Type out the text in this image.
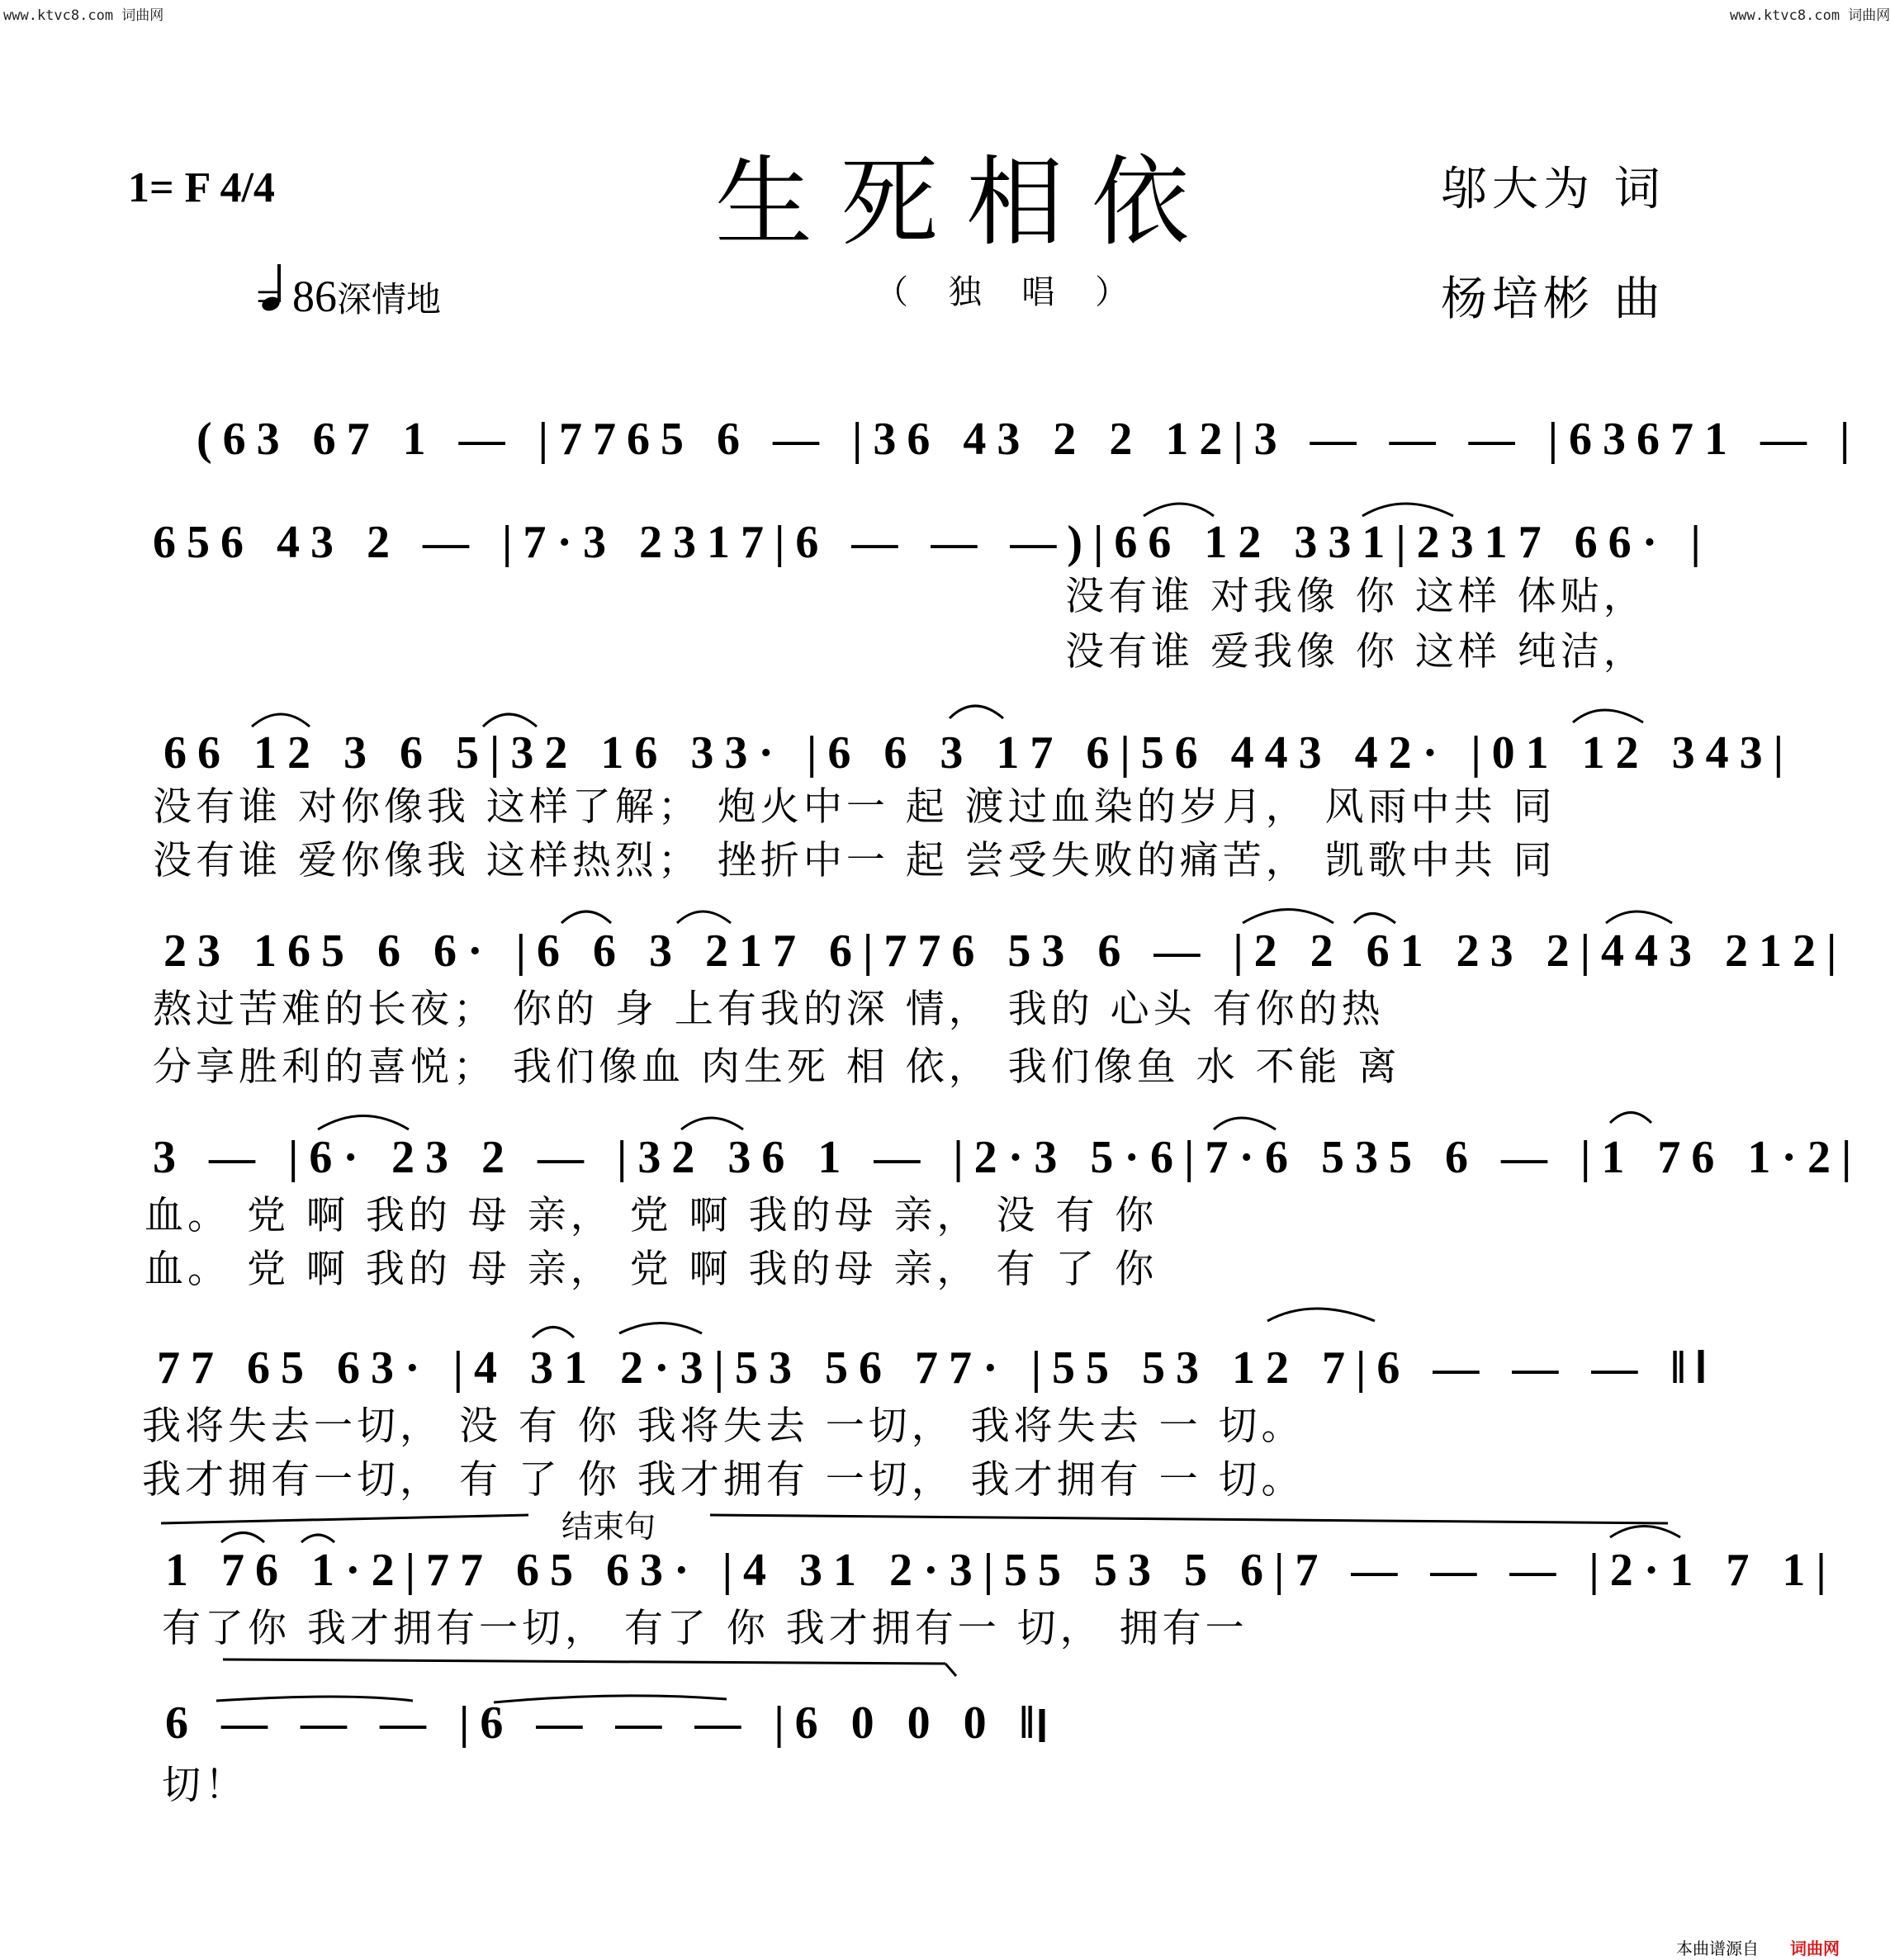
www.ktvc8.com 词曲网	www.ktvc8.com 词曲网
1= F 4/4	生死相依	邬大为 词
杨培彬 曲
= 86深情地	（ 独 唱 ）
(63 67 1 — |7765 6 — |36 43 2 2 12|3 — — — |63671 — |
656 43 2 — |7·3 2317|6 — — —)|66 12 331|2317 66· |
没有谁 对我像 你 这样 体贴，
没有谁 爱我像 你 这样 纯洁，
66 12 3 6 5|32 16 33· |6 6 3 17 6|56 443 42· |01 12 343|
没有谁 对你像我 这样了解； 炮火中一 起 渡过血染的岁月， 风雨中共 同
没有谁 爱你像我 这样热烈； 挫折中一 起 尝受失败的痛苦， 凯歌中共 同
23 165 6 6· |6 6 3 217 6|776 53 6 — |2 2 61 23 2|443 212|
熬过苦难的长夜； 你的 身 上有我的深 情， 我的 心头 有你的热
分享胜利的喜悦； 我们像血 肉生死 相 依， 我们像鱼 水 不能 离
3 — |6· 23 2 — |32 36 1 — |2·3 5·6|7·6 535 6 — |1 76 1·2|
血。 党 啊 我的 母 亲， 党 啊 我的母 亲， 没 有 你
血。 党 啊 我的 母 亲， 党 啊 我的母 亲， 有 了 你
77 65 63· |4 31 2·3|53 56 77· |55 53 12 7|6 — — — ‖
我将失去一切， 没 有 你 我将失去 一切， 我将失去 一 切。
我才拥有一切， 有 了 你 我才拥有 一切， 我才拥有 一 切。
结束句
1 76 1·2|77 65 63· |4 31 2·3|55 53 5 6|7 — — — |2·1 7 1|
有了你 我才拥有一切， 有了 你 我才拥有一 切， 拥有一
6 — — — |6 — — — |6 0 0 0 ‖
切！
本曲谱源自 词曲网
